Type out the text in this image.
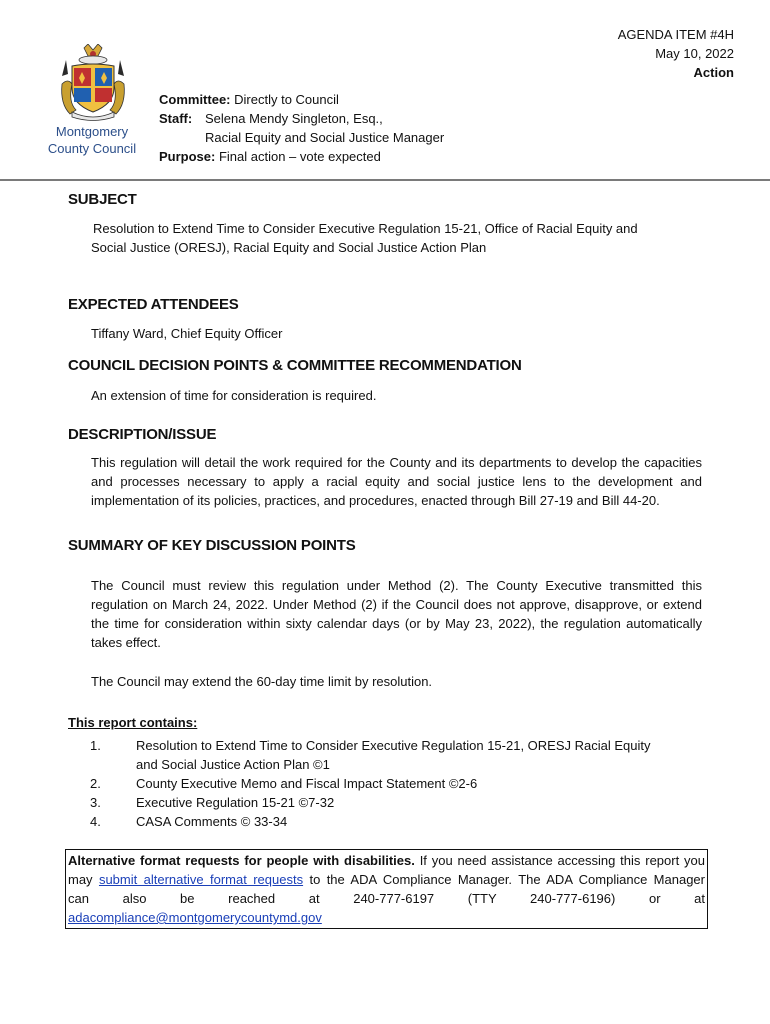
AGENDA ITEM #4H
May 10, 2022
Action
Montgomery
County Council
Committee: Directly to Council
Staff: Selena Mendy Singleton, Esq.,
Racial Equity and Social Justice Manager
Purpose: Final action – vote expected
SUBJECT
Resolution to Extend Time to Consider Executive Regulation 15-21, Office of Racial Equity and
Social Justice (ORESJ), Racial Equity and Social Justice Action Plan
EXPECTED ATTENDEES
Tiffany Ward, Chief Equity Officer
COUNCIL DECISION POINTS & COMMITTEE RECOMMENDATION
An extension of time for consideration is required.
DESCRIPTION/ISSUE
This regulation will detail the work required for the County and its departments to develop the capacities and processes necessary to apply a racial equity and social justice lens to the development and implementation of its policies, practices, and procedures, enacted through Bill 27-19 and Bill 44-20.
SUMMARY OF KEY DISCUSSION POINTS
The Council must review this regulation under Method (2). The County Executive transmitted this regulation on March 24, 2022. Under Method (2) if the Council does not approve, disapprove, or extend the time for consideration within sixty calendar days (or by May 23, 2022), the regulation automatically takes effect.
The Council may extend the 60-day time limit by resolution.
This report contains:
1.	Resolution to Extend Time to Consider Executive Regulation 15-21, ORESJ Racial Equity
and Social Justice Action Plan ©1
2.	County Executive Memo and Fiscal Impact Statement ©2-6
3.	Executive Regulation 15-21 ©7-32
4.	CASA Comments © 33-34
Alternative format requests for people with disabilities. If you need assistance accessing this report you
may submit alternative format requests to the ADA Compliance Manager. The ADA Compliance Manager
can also be reached at 240-777-6197 (TTY 240-777-6196) or at
adacompliance@montgomerycountymd.gov
